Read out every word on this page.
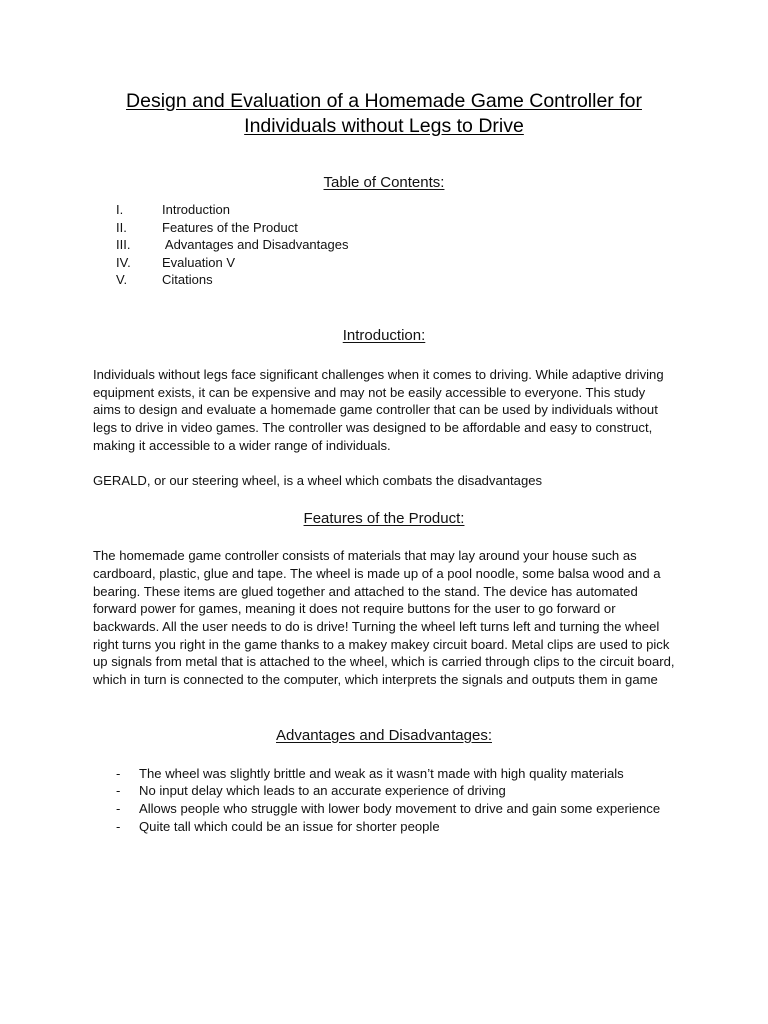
Design and Evaluation of a Homemade Game Controller for
Individuals without Legs to Drive
Table of Contents:
I.	Introduction
II.	Features of the Product
III.	Advantages and Disadvantages
IV.	Evaluation V
V.	Citations
Introduction:

Individuals without legs face significant challenges when it comes to driving. While adaptive driving equipment exists, it can be expensive and may not be easily accessible to everyone. This study aims to design and evaluate a homemade game controller that can be used by individuals without legs to drive in video games. The controller was designed to be affordable and easy to construct, making it accessible to a wider range of individuals.

GERALD, or our steering wheel, is a wheel which combats the disadvantages

Features of the Product:

The homemade game controller consists of materials that may lay around your house such as cardboard, plastic, glue and tape. The wheel is made up of a pool noodle, some balsa wood and a bearing. These items are glued together and attached to the stand. The device has automated forward power for games, meaning it does not require buttons for the user to go forward or backwards. All the user needs to do is drive! Turning the wheel left turns left and turning the wheel right turns you right in the game thanks to a makey makey circuit board. Metal clips are used to pick up signals from metal that is attached to the wheel, which is carried through clips to the circuit board, which in turn is connected to the computer, which interprets the signals and outputs them in game

Advantages and Disadvantages:
-	The wheel was slightly brittle and weak as it wasn’t made with high quality materials
-	No input delay which leads to an accurate experience of driving
-	Allows people who struggle with lower body movement to drive and gain some experience
-	Quite tall which could be an issue for shorter people
